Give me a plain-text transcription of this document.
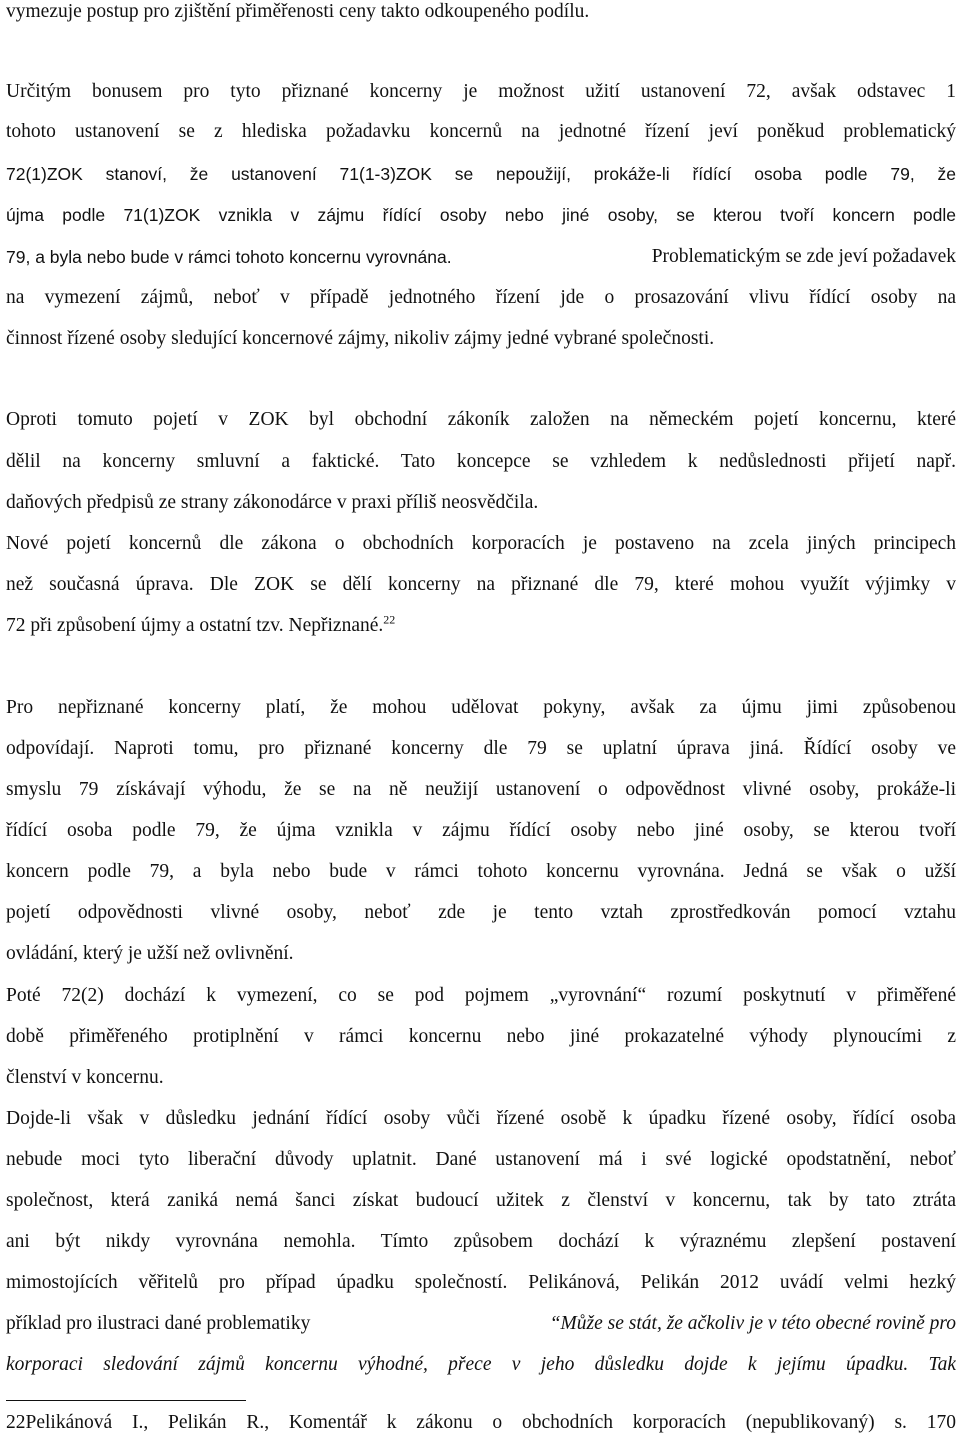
vymezuje postup pro zjištění přiměřenosti ceny takto odkoupeného podílu.
Určitým bonusem pro tyto přiznané koncerny je možnost užití ustanovení 72, avšak odstavec 1
tohoto ustanovení se z hlediska požadavku koncernů na jednotné řízení jeví poněkud problematický
72(1)ZOK stanoví, že ustanovení 71(1-3)ZOK se nepoužijí, prokáže-li řídící osoba podle 79, že
újma podle 71(1)ZOK vznikla v zájmu řídící osoby nebo jiné osoby, se kterou tvoří koncern podle
79, a byla nebo bude v rámci tohoto koncernu vyrovnána.	Problematickým se zde jeví požadavek
na vymezení zájmů, neboť v případě jednotného řízení jde o prosazování vlivu řídící osoby na
činnost řízené osoby sledující koncernové zájmy, nikoliv zájmy jedné vybrané společnosti.
Oproti tomuto pojetí v ZOK byl obchodní zákoník založen na německém pojetí koncernu, které
dělil na koncerny smluvní a faktické. Tato koncepce se vzhledem k nedůslednosti přijetí např.
daňových předpisů ze strany zákonodárce v praxi příliš neosvědčila.
Nové pojetí koncernů dle zákona o obchodních korporacích je postaveno na zcela jiných principech
než současná úprava. Dle ZOK se dělí koncerny na přiznané dle 79, které mohou využít výjimky v
72 při způsobení újmy a ostatní tzv. Nepřiznané.$^{22}$
Pro nepřiznané koncerny platí, že mohou udělovat pokyny, avšak za újmu jimi způsobenou
odpovídají. Naproti tomu, pro přiznané koncerny dle 79 se uplatní úprava jiná. Řídící osoby ve
smyslu 79 získávají výhodu, že se na ně neužijí ustanovení o odpovědnost vlivné osoby, prokáže-li
řídící osoba podle 79, že újma vznikla v zájmu řídící osoby nebo jiné osoby, se kterou tvoří
koncern podle 79, a byla nebo bude v rámci tohoto koncernu vyrovnána. Jedná se však o užší
pojetí odpovědnosti vlivné osoby, neboť zde je tento vztah zprostředkován pomocí vztahu
ovládání, který je užší než ovlivnění.
Poté 72(2) dochází k vymezení, co se pod pojmem „vyrovnání“ rozumí poskytnutí v přiměřené
době přiměřeného protiplnění v rámci koncernu nebo jiné prokazatelné výhody plynoucími z
členství v koncernu.
Dojde-li však v důsledku jednání řídící osoby vůči řízené osobě k úpadku řízené osoby, řídící osoba
nebude moci tyto liberační důvody uplatnit. Dané ustanovení má i své logické opodstatnění, neboť
společnost, která zaniká nemá šanci získat budoucí užitek z členství v koncernu, tak by tato ztráta
ani být nikdy vyrovnána nemohla. Tímto způsobem dochází k výraznému zlepšení postavení
mimostojících věřitelů pro případ úpadku společností. Pelikánová, Pelikán 2012 uvádí velmi hezký
příklad pro ilustraci dané problematiky	“Může se stát, že ačkoliv je v této obecné rovině pro
korporaci sledování zájmů koncernu výhodné, přece v jeho důsledku dojde k jejímu úpadku. Tak
22Pelikánová I., Pelikán R., Komentář k zákonu o obchodních korporacích (nepublikovaný) s. 170
